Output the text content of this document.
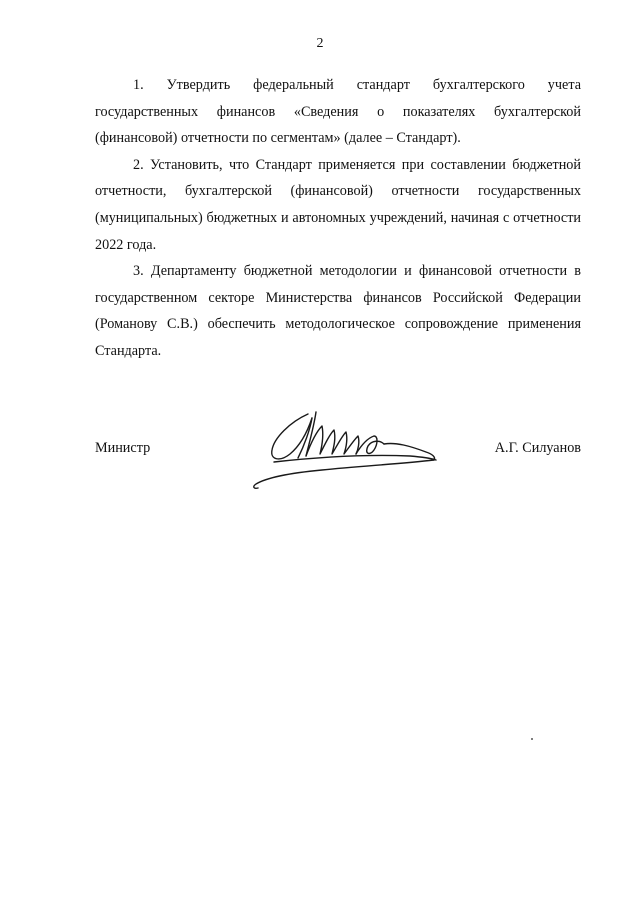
2

1. Утвердить федеральный стандарт бухгалтерского учета государственных финансов «Сведения о показателях бухгалтерской (финансовой) отчетности по сегментам» (далее – Стандарт).

2. Установить, что Стандарт применяется при составлении бюджетной отчетности, бухгалтерской (финансовой) отчетности государственных (муниципальных) бюджетных и автономных учреждений, начиная с отчетности 2022 года.

3. Департаменту бюджетной методологии и финансовой отчетности в государственном секторе Министерства финансов Российской Федерации (Романову С.В.) обеспечить методологическое сопровождение применения Стандарта.

Министр	А.Г. Силуанов
